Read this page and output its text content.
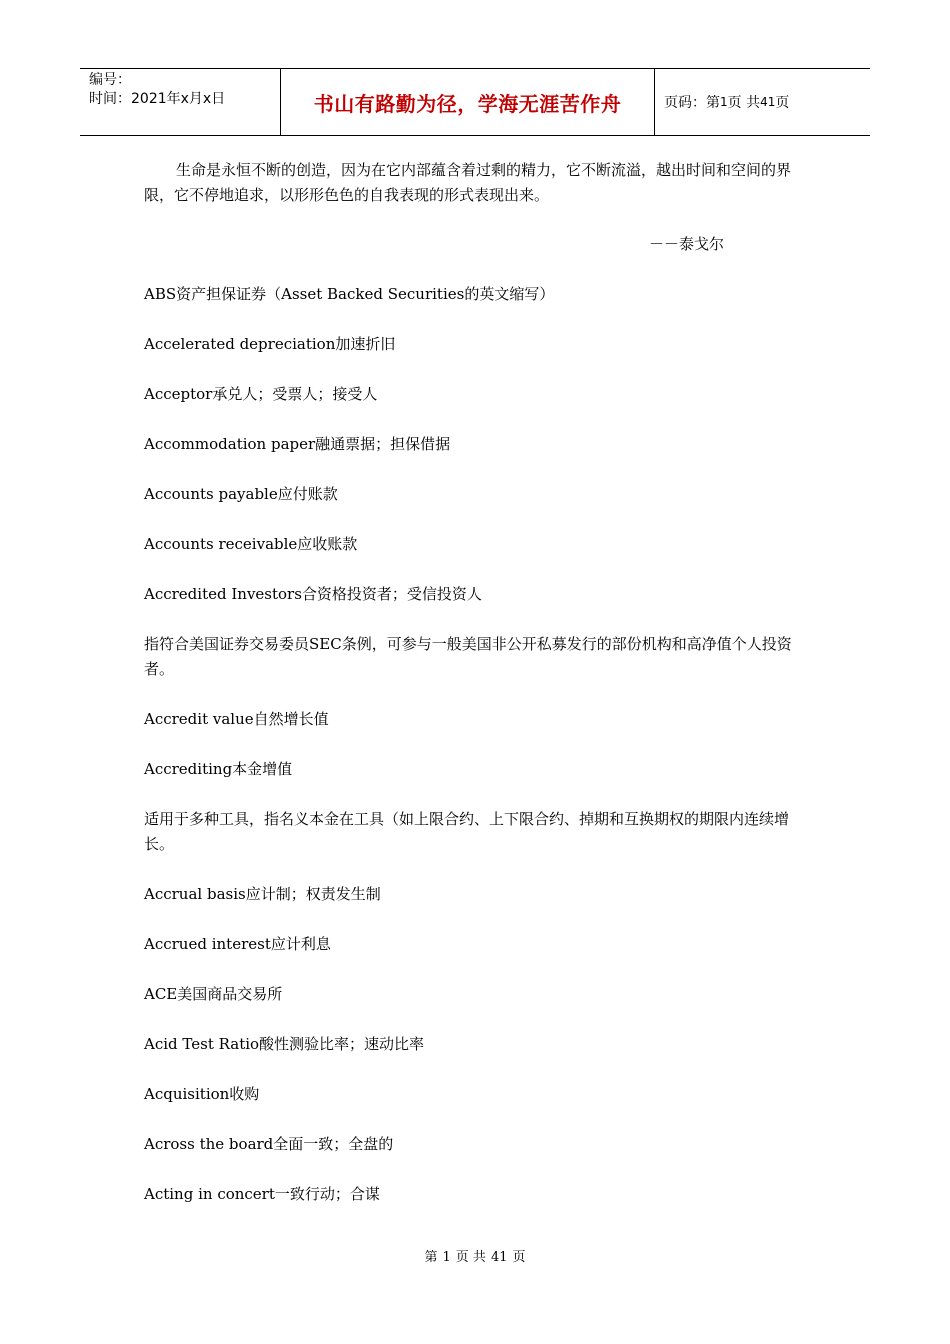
编号：
时间：2021年x月x日	书山有路勤为径，学海无涯苦作舟	页码：第 1 页 共 41 页

生命是永恒不断的创造，因为在它内部蕴含着过剩的精力，它不断流溢，越出时间和空间的界限，它不停地追求，以形形色色的自我表现的形式表现出来。

－－泰戈尔

ABS资产担保证券（Asset Backed Securities的英文缩写）

Accelerated depreciation加速折旧

Acceptor承兑人；受票人；接受人

Accommodation paper融通票据；担保借据

Accounts payable应付账款

Accounts receivable应收账款

Accredited Investors合资格投资者；受信投资人

指符合美国证券交易委员SEC条例，可参与一般美国非公开私募发行的部份机构和高净值个人投资者。

Accredit value自然增长值

Accrediting本金增值

适用于多种工具，指名义本金在工具（如上限合约、上下限合约、掉期和互换期权的期限内连续增长。

Accrual basis应计制；权责发生制

Accrued interest应计利息

ACE美国商品交易所

Acid Test Ratio酸性测验比率；速动比率

Acquisition收购

Across the board全面一致；全盘的

Acting in concert一致行动；合谋

第 1 页 共 41 页
